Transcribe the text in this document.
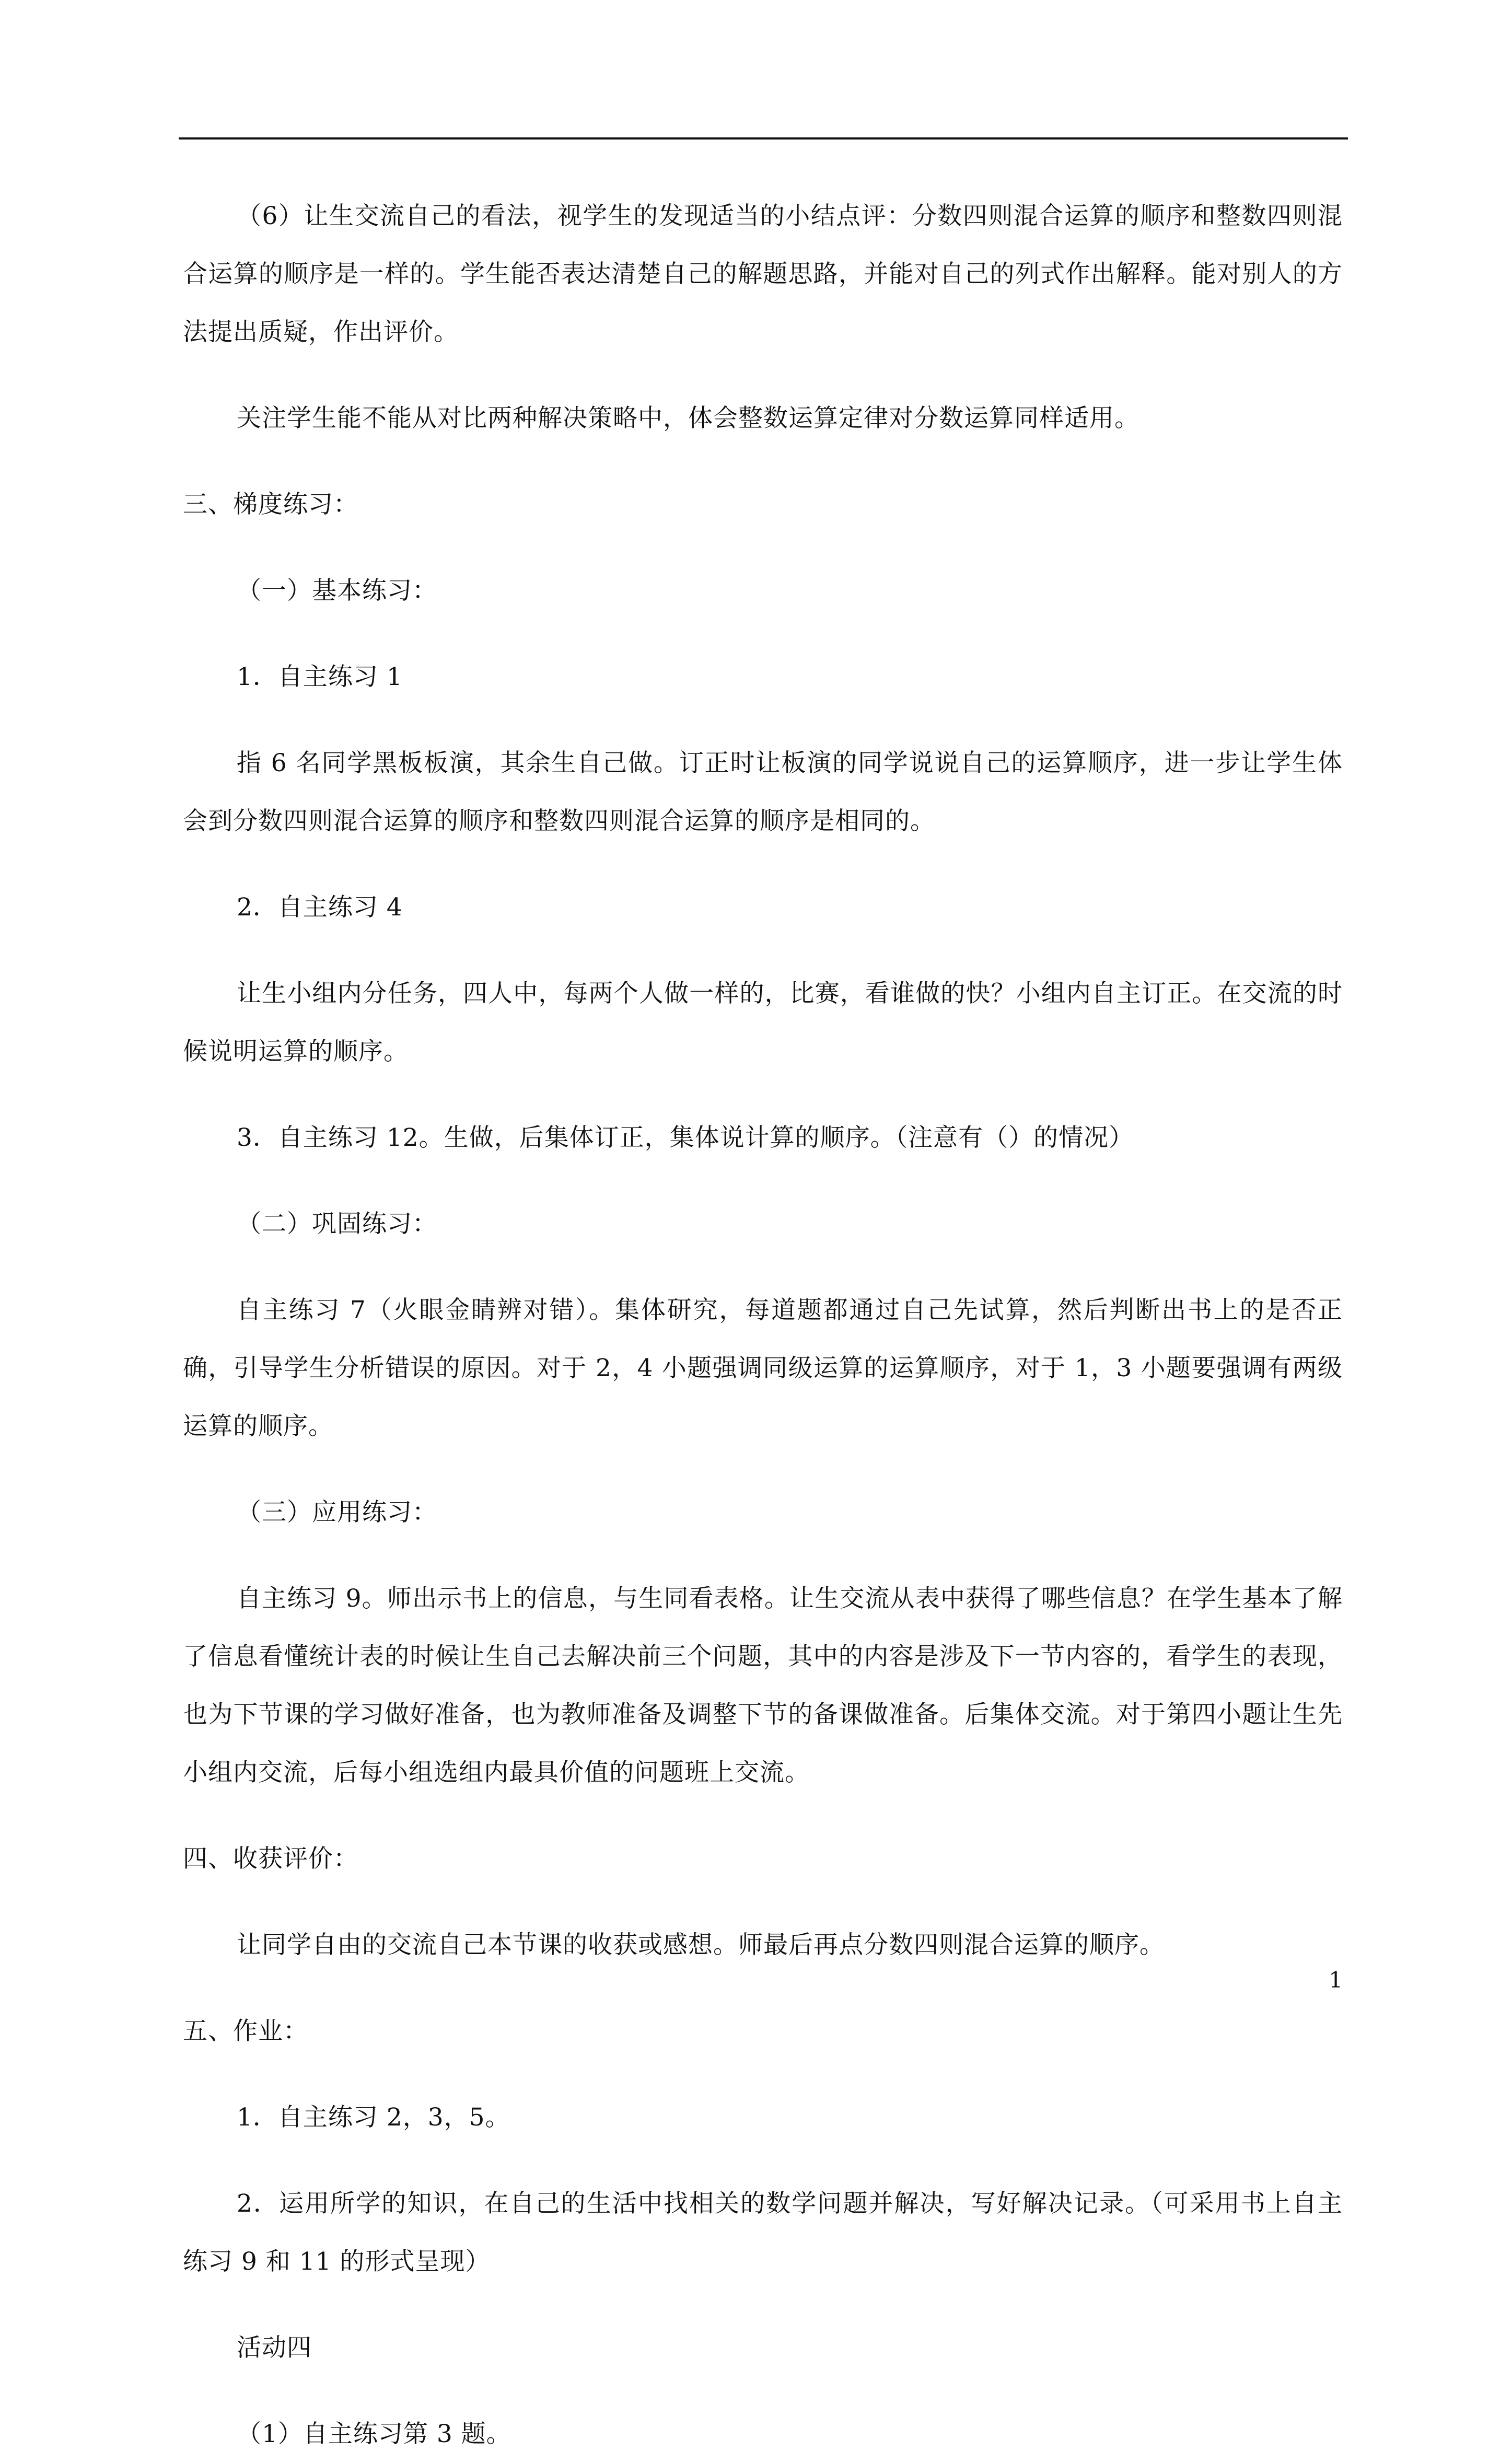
（6）让生交流自己的看法，视学生的发现适当的小结点评：分数四则混合运算的顺序和整数四则混合运算的顺序是一样的。学生能否表达清楚自己的解题思路，并能对自己的列式作出解释。能对别人的方法提出质疑，作出评价。

关注学生能不能从对比两种解决策略中，体会整数运算定律对分数运算同样适用。

三、梯度练习：

（一）基本练习：

1．自主练习 1

指 6 名同学黑板板演，其余生自己做。订正时让板演的同学说说自己的运算顺序，进一步让学生体会到分数四则混合运算的顺序和整数四则混合运算的顺序是相同的。

2．自主练习 4

让生小组内分任务，四人中，每两个人做一样的，比赛，看谁做的快？小组内自主订正。在交流的时候说明运算的顺序。

3．自主练习 12。生做，后集体订正，集体说计算的顺序。（注意有（）的情况）

（二）巩固练习：

自主练习 7（火眼金睛辨对错）。集体研究，每道题都通过自己先试算，然后判断出书上的是否正确，引导学生分析错误的原因。对于 2，4 小题强调同级运算的运算顺序，对于 1，3 小题要强调有两级运算的顺序。

（三）应用练习：

自主练习 9。师出示书上的信息，与生同看表格。让生交流从表中获得了哪些信息？在学生基本了解了信息看懂统计表的时候让生自己去解决前三个问题，其中的内容是涉及下一节内容的，看学生的表现，也为下节课的学习做好准备，也为教师准备及调整下节的备课做准备。后集体交流。对于第四小题让生先小组内交流，后每小组选组内最具价值的问题班上交流。

四、收获评价：

让同学自由的交流自己本节课的收获或感想。师最后再点分数四则混合运算的顺序。

五、作业：

1．自主练习 2，3，5。

2．运用所学的知识，在自己的生活中找相关的数学问题并解决，写好解决记录。（可采用书上自主练习 9 和 11 的形式呈现）

活动四

（1）自主练习第 3 题。

1
